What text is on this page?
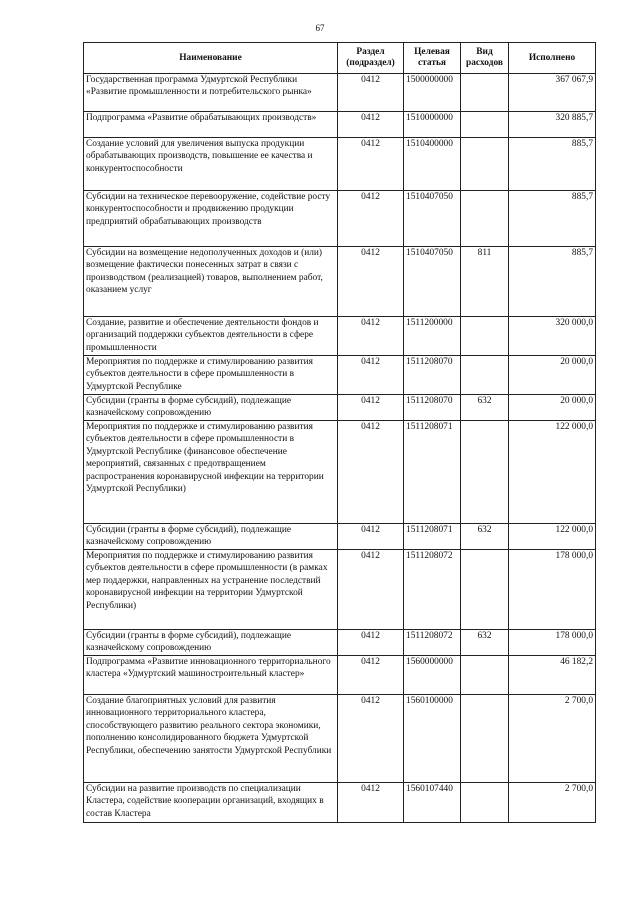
67
Наименование	Раздел (подраздел)	Целевая статья	Вид расходов	Исполнено
Государственная программа Удмуртской Республики «Развитие промышленности и потребительского рынка»	0412	1500000000		367 067,9
Подпрограмма «Развитие обрабатывающих производств»	0412	1510000000		320 885,7
Создание условий для увеличения выпуска продукции обрабатывающих производств, повышение ее качества и конкурентоспособности	0412	1510400000		885,7
Субсидии на техническое перевооружение, содействие росту конкурентоспособности и продвижению продукции предприятий обрабатывающих производств	0412	1510407050		885,7
Субсидии на возмещение недополученных доходов и (или) возмещение фактически понесенных затрат в связи с производством (реализацией) товаров, выполнением работ, оказанием услуг	0412	1510407050	811	885,7
Создание, развитие и обеспечение деятельности фондов и организаций поддержки субъектов деятельности в сфере промышленности	0412	1511200000		320 000,0
Мероприятия по поддержке и стимулированию развития субъектов деятельности в сфере промышленности в Удмуртской Республике	0412	1511208070		20 000,0
Субсидии (гранты в форме субсидий), подлежащие казначейскому сопровождению	0412	1511208070	632	20 000,0
Мероприятия по поддержке и стимулированию развития субъектов деятельности в сфере промышленности в Удмуртской Республике (финансовое обеспечение мероприятий, связанных с предотвращением распространения коронавирусной инфекции на территории Удмуртской Республики)	0412	1511208071		122 000,0
Субсидии (гранты в форме субсидий), подлежащие казначейскому сопровождению	0412	1511208071	632	122 000,0
Мероприятия по поддержке и стимулированию развития субъектов деятельности в сфере промышленности (в рамках мер поддержки, направленных на устранение последствий коронавирусной инфекции на территории Удмуртской Республики)	0412	1511208072		178 000,0
Субсидии (гранты в форме субсидий), подлежащие казначейскому сопровождению	0412	1511208072	632	178 000,0
Подпрограмма «Развитие инновационного территориального кластера «Удмуртский машиностроительный кластер»	0412	1560000000		46 182,2
Создание благоприятных условий для развития инновационного территориального кластера, способствующего развитию реального сектора экономики, пополнению консолидированного бюджета Удмуртской Республики, обеспечению занятости Удмуртской Республики	0412	1560100000		2 700,0
Субсидии на развитие производств по специализации Кластера, содействие кооперации организаций, входящих в состав Кластера	0412	1560107440		2 700,0
